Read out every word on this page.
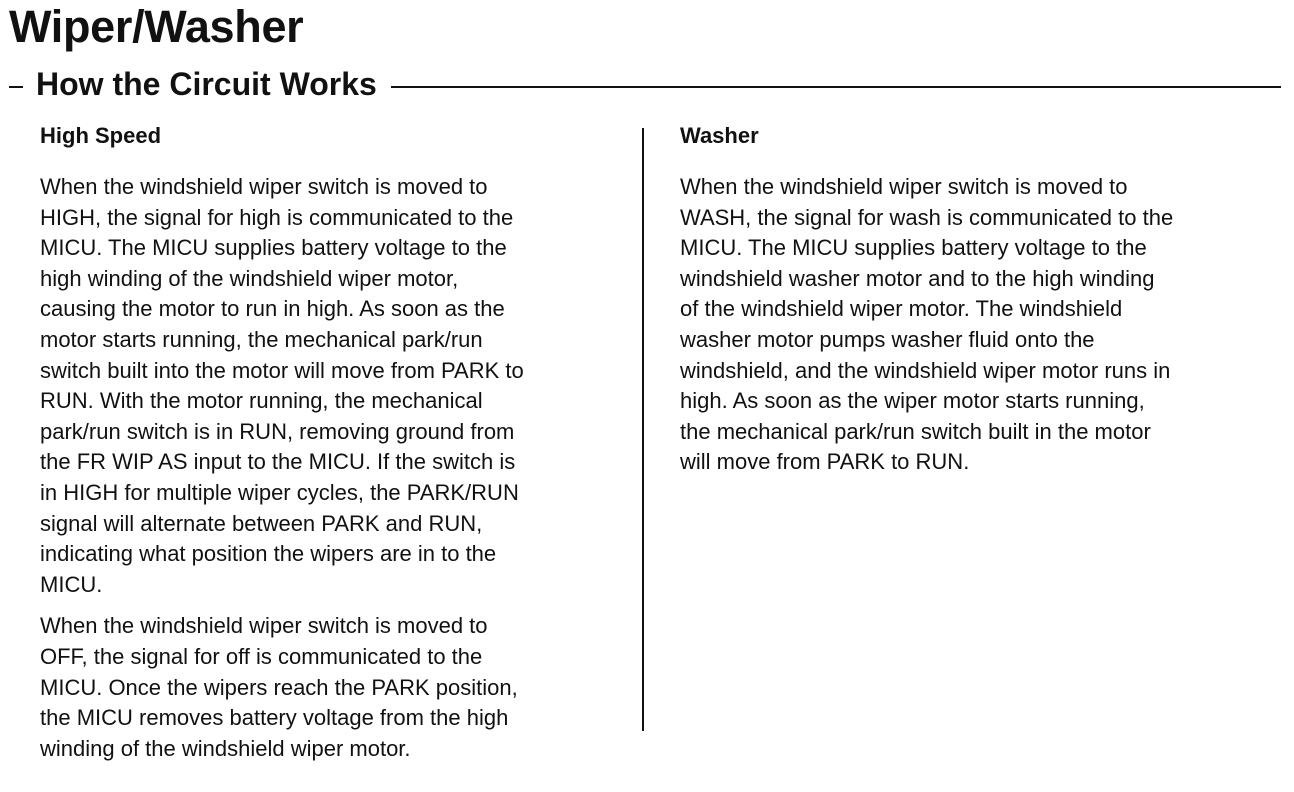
Wiper/Washer
How the Circuit Works
High Speed

When the windshield wiper switch is moved to
HIGH, the signal for high is communicated to the
MICU. The MICU supplies battery voltage to the
high winding of the windshield wiper motor,
causing the motor to run in high. As soon as the
motor starts running, the mechanical park/run
switch built into the motor will move from PARK to
RUN. With the motor running, the mechanical
park/run switch is in RUN, removing ground from
the FR WIP AS input to the MICU. If the switch is
in HIGH for multiple wiper cycles, the PARK/RUN
signal will alternate between PARK and RUN,
indicating what position the wipers are in to the
MICU.

When the windshield wiper switch is moved to
OFF, the signal for off is communicated to the
MICU. Once the wipers reach the PARK position,
the MICU removes battery voltage from the high
winding of the windshield wiper motor.

Washer

When the windshield wiper switch is moved to
WASH, the signal for wash is communicated to the
MICU. The MICU supplies battery voltage to the
windshield washer motor and to the high winding
of the windshield wiper motor. The windshield
washer motor pumps washer fluid onto the
windshield, and the windshield wiper motor runs in
high. As soon as the wiper motor starts running,
the mechanical park/run switch built in the motor
will move from PARK to RUN.
